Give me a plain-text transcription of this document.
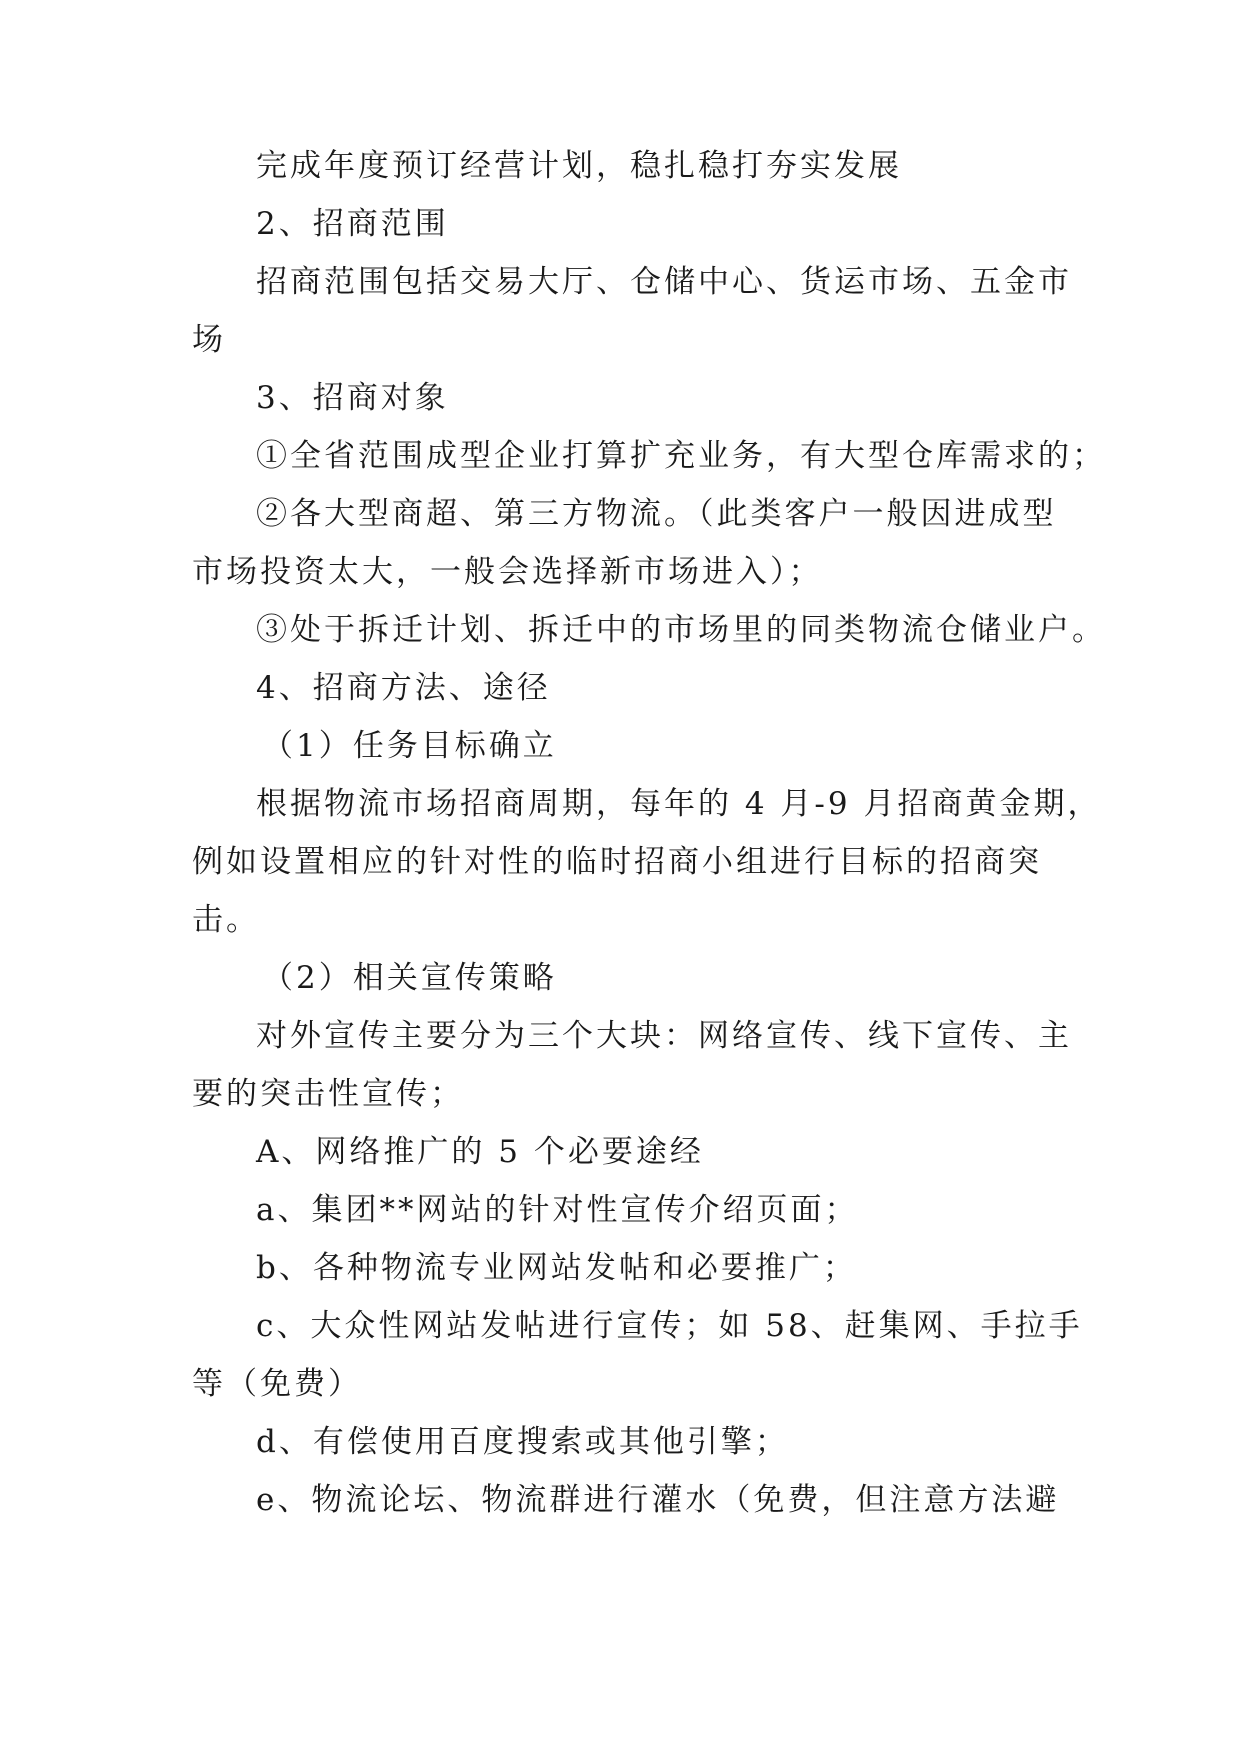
完成年度预订经营计划，稳扎稳打夯实发展
2、招商范围
招商范围包括交易大厅、仓储中心、货运市场、五金市
场
3、招商对象
①全省范围成型企业打算扩充业务，有大型仓库需求的；
②各大型商超、第三方物流。（此类客户一般因进成型
市场投资太大，一般会选择新市场进入）；
③处于拆迁计划、拆迁中的市场里的同类物流仓储业户。
4、招商方法、途径
（1）任务目标确立
根据物流市场招商周期，每年的 4 月-9 月招商黄金期，
例如设置相应的针对性的临时招商小组进行目标的招商突
击。
（2）相关宣传策略
对外宣传主要分为三个大块：网络宣传、线下宣传、主
要的突击性宣传；
A、网络推广的 5 个必要途经
a、集团**网站的针对性宣传介绍页面；
b、各种物流专业网站发帖和必要推广；
c、大众性网站发帖进行宣传；如 58、赶集网、手拉手
等（免费）
d、有偿使用百度搜索或其他引擎；
e、物流论坛、物流群进行灌水（免费，但注意方法避
